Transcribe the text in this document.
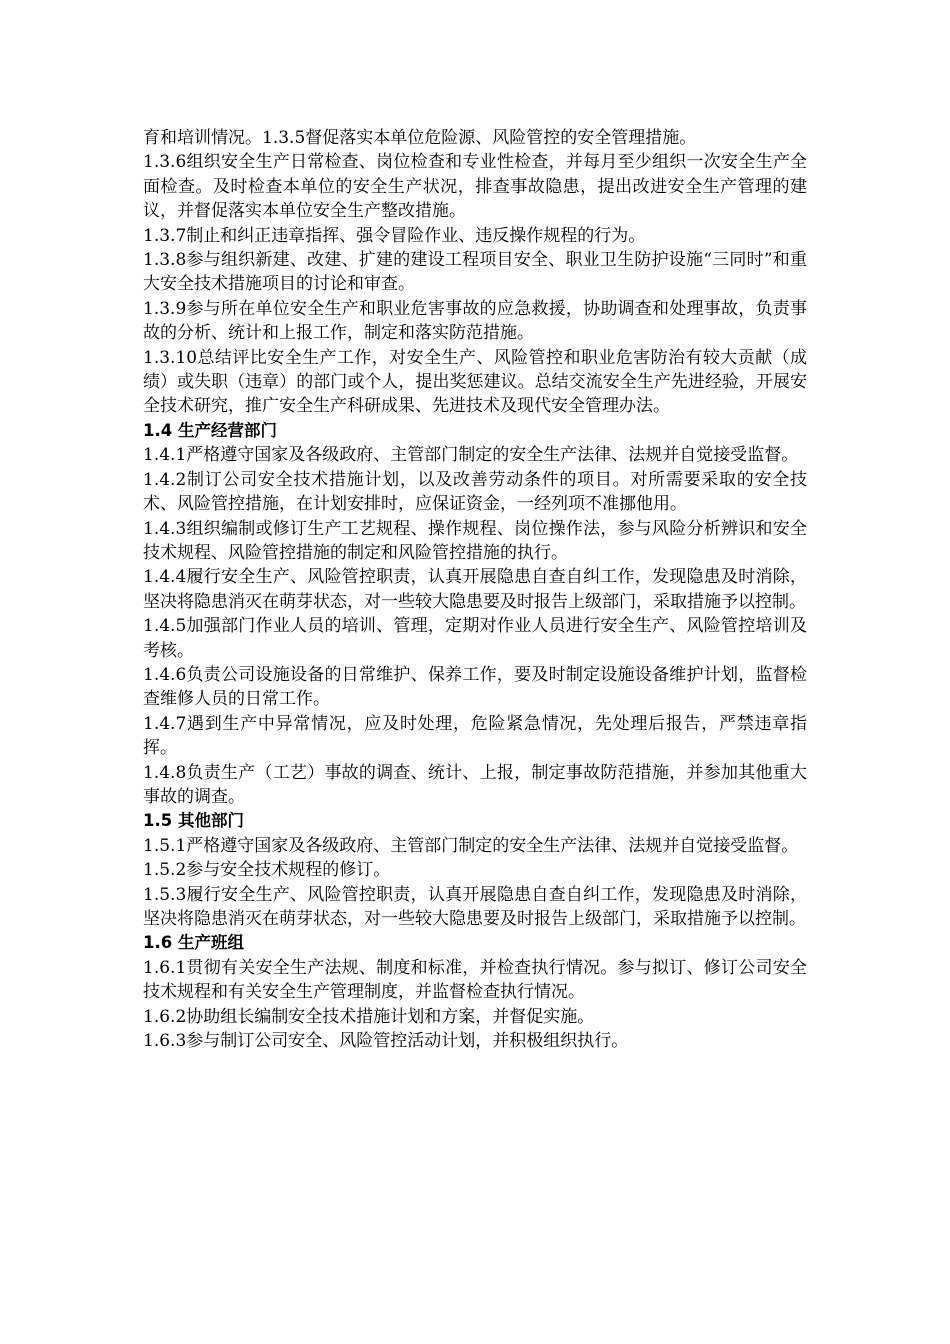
育和培训情况。1.3.5督促落实本单位危险源、风险管控的安全管理措施。

1.3.6组织安全生产日常检查、岗位检查和专业性检查，并每月至少组织一次安全生产全面检查。及时检查本单位的安全生产状况，排查事故隐患，提出改进安全生产管理的建议，并督促落实本单位安全生产整改措施。

1.3.7制止和纠正违章指挥、强令冒险作业、违反操作规程的行为。

1.3.8参与组织新建、改建、扩建的建设工程项目安全、职业卫生防护设施“三同时”和重大安全技术措施项目的讨论和审查。

1.3.9参与所在单位安全生产和职业危害事故的应急救援，协助调查和处理事故，负责事故的分析、统计和上报工作，制定和落实防范措施。

1.3.10总结评比安全生产工作，对安全生产、风险管控和职业危害防治有较大贡献（成绩）或失职（违章）的部门或个人，提出奖惩建议。总结交流安全生产先进经验，开展安全技术研究，推广安全生产科研成果、先进技术及现代安全管理办法。

1.4 生产经营部门

1.4.1严格遵守国家及各级政府、主管部门制定的安全生产法律、法规并自觉接受监督。

1.4.2制订公司安全技术措施计划，以及改善劳动条件的项目。对所需要采取的安全技术、风险管控措施，在计划安排时，应保证资金，一经列项不准挪他用。

1.4.3组织编制或修订生产工艺规程、操作规程、岗位操作法，参与风险分析辨识和安全技术规程、风险管控措施的制定和风险管控措施的执行。

1.4.4履行安全生产、风险管控职责，认真开展隐患自查自纠工作，发现隐患及时消除，坚决将隐患消灭在萌芽状态，对一些较大隐患要及时报告上级部门，采取措施予以控制。

1.4.5加强部门作业人员的培训、管理，定期对作业人员进行安全生产、风险管控培训及考核。

1.4.6负责公司设施设备的日常维护、保养工作，要及时制定设施设备维护计划，监督检查维修人员的日常工作。

1.4.7遇到生产中异常情况，应及时处理，危险紧急情况，先处理后报告，严禁违章指挥。

1.4.8负责生产（工艺）事故的调查、统计、上报，制定事故防范措施，并参加其他重大事故的调查。

1.5 其他部门

1.5.1严格遵守国家及各级政府、主管部门制定的安全生产法律、法规并自觉接受监督。

1.5.2参与安全技术规程的修订。

1.5.3履行安全生产、风险管控职责，认真开展隐患自查自纠工作，发现隐患及时消除，坚决将隐患消灭在萌芽状态，对一些较大隐患要及时报告上级部门，采取措施予以控制。

1.6 生产班组

1.6.1贯彻有关安全生产法规、制度和标准，并检查执行情况。参与拟订、修订公司安全技术规程和有关安全生产管理制度，并监督检查执行情况。

1.6.2协助组长编制安全技术措施计划和方案，并督促实施。

1.6.3参与制订公司安全、风险管控活动计划，并积极组织执行。
